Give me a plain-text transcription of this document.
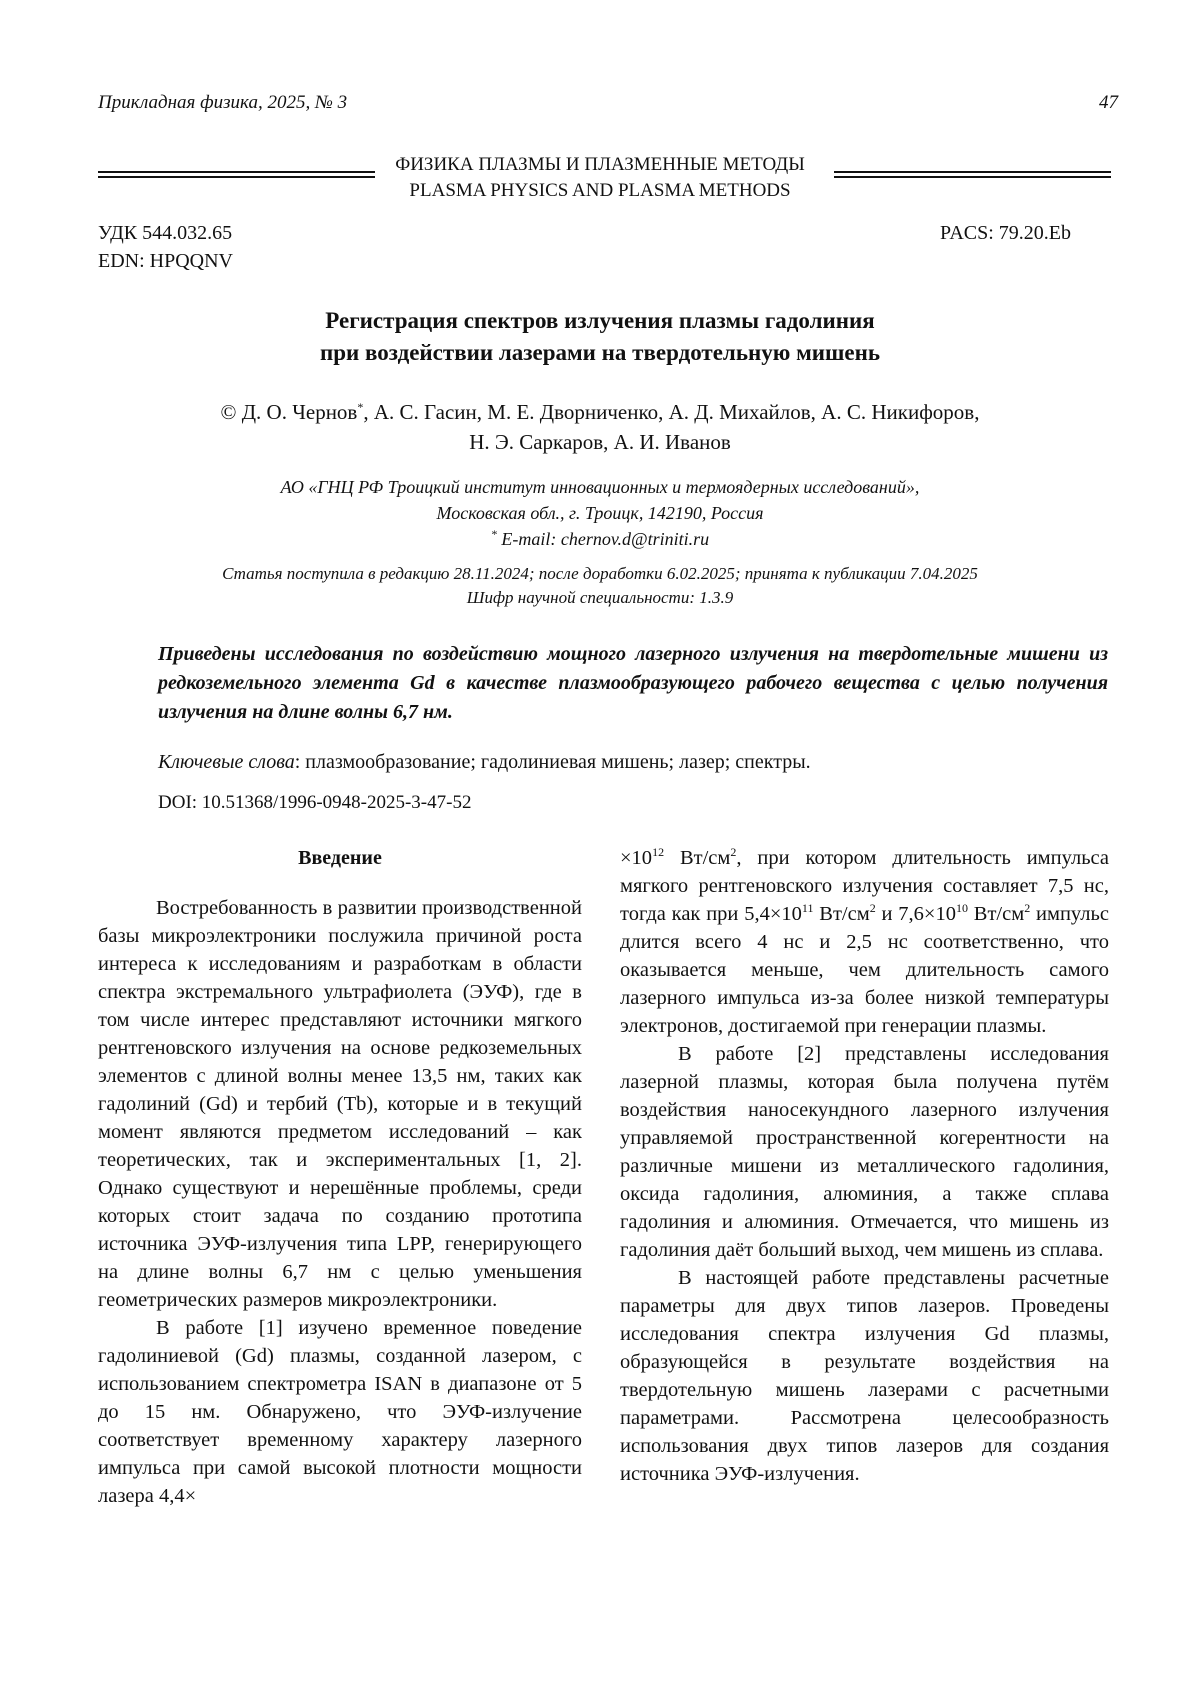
Прикладная физика, 2025, № 3	47
ФИЗИКА ПЛАЗМЫ И ПЛАЗМЕННЫЕ МЕТОДЫ
PLASMA PHYSICS AND PLASMA METHODS
УДК 544.032.65
EDN: HPQQNV
PACS: 79.20.Eb
Регистрация спектров излучения плазмы гадолиния
при воздействии лазерами на твердотельную мишень
© Д. О. Чернов*, А. С. Гасин, М. Е. Дворниченко, А. Д. Михайлов, А. С. Никифоров,
Н. Э. Саркаров, А. И. Иванов
АО «ГНЦ РФ Троицкий институт инновационных и термоядерных исследований»,
Московская обл., г. Троицк, 142190, Россия
* E-mail: chernov.d@triniti.ru
Статья поступила в редакцию 28.11.2024; после доработки 6.02.2025; принята к публикации 7.04.2025
Шифр научной специальности: 1.3.9
Приведены исследования по воздействию мощного лазерного излучения на твердотельные мишени из редкоземельного элемента Gd в качестве плазмообразующего рабочего вещества с целью получения излучения на длине волны 6,7 нм.
Ключевые слова: плазмообразование; гадолиниевая мишень; лазер; спектры.
DOI: 10.51368/1996-0948-2025-3-47-52

Введение

Востребованность в развитии производственной базы микроэлектроники послужила причиной роста интереса к исследованиям и разработкам в области спектра экстремального ультрафиолета (ЭУФ), где в том числе интерес представляют источники мягкого рентгеновского излучения на основе редкоземельных элементов с длиной волны менее 13,5 нм, таких как гадолиний (Gd) и тербий (Tb), которые и в текущий момент являются предметом исследований – как теоретических, так и экспериментальных [1, 2]. Однако существуют и нерешённые проблемы, среди которых стоит задача по созданию прототипа источника ЭУФ-излучения типа LPP, генерирующего на длине волны 6,7 нм с целью уменьшения геометрических размеров микроэлектроники.

В работе [1] изучено временное поведение гадолиниевой (Gd) плазмы, созданной лазером, с использованием спектрометра ISAN в диапазоне от 5 до 15 нм. Обнаружено, что ЭУФ-излучение соответствует временному характеру лазерного импульса при самой высокой плотности мощности лазера 4,4×

$\times 10^{12}$ $Вт/см^2$, при котором длительность импульса мягкого рентгеновского излучения составляет 7,5 нс, тогда как при $5,4\times 10^{11}$ $Вт/см^2$ и $7,6\times 10^{10}$ $Вт/см^2$ импульс длится всего 4 нс и 2,5 нс соответственно, что оказывается меньше, чем длительность самого лазерного импульса из-за более низкой температуры электронов, достигаемой при генерации плазмы.

В работе [2] представлены исследования лазерной плазмы, которая была получена путём воздействия наносекундного лазерного излучения управляемой пространственной когерентности на различные мишени из металлического гадолиния, оксида гадолиния, алюминия, а также сплава гадолиния и алюминия. Отмечается, что мишень из гадолиния даёт больший выход, чем мишень из сплава.

В настоящей работе представлены расчетные параметры для двух типов лазеров. Проведены исследования спектра излучения Gd плазмы, образующейся в результате воздействия на твердотельную мишень лазерами с расчетными параметрами. Рассмотрена целесообразность использования двух типов лазеров для создания источника ЭУФ-излучения.
